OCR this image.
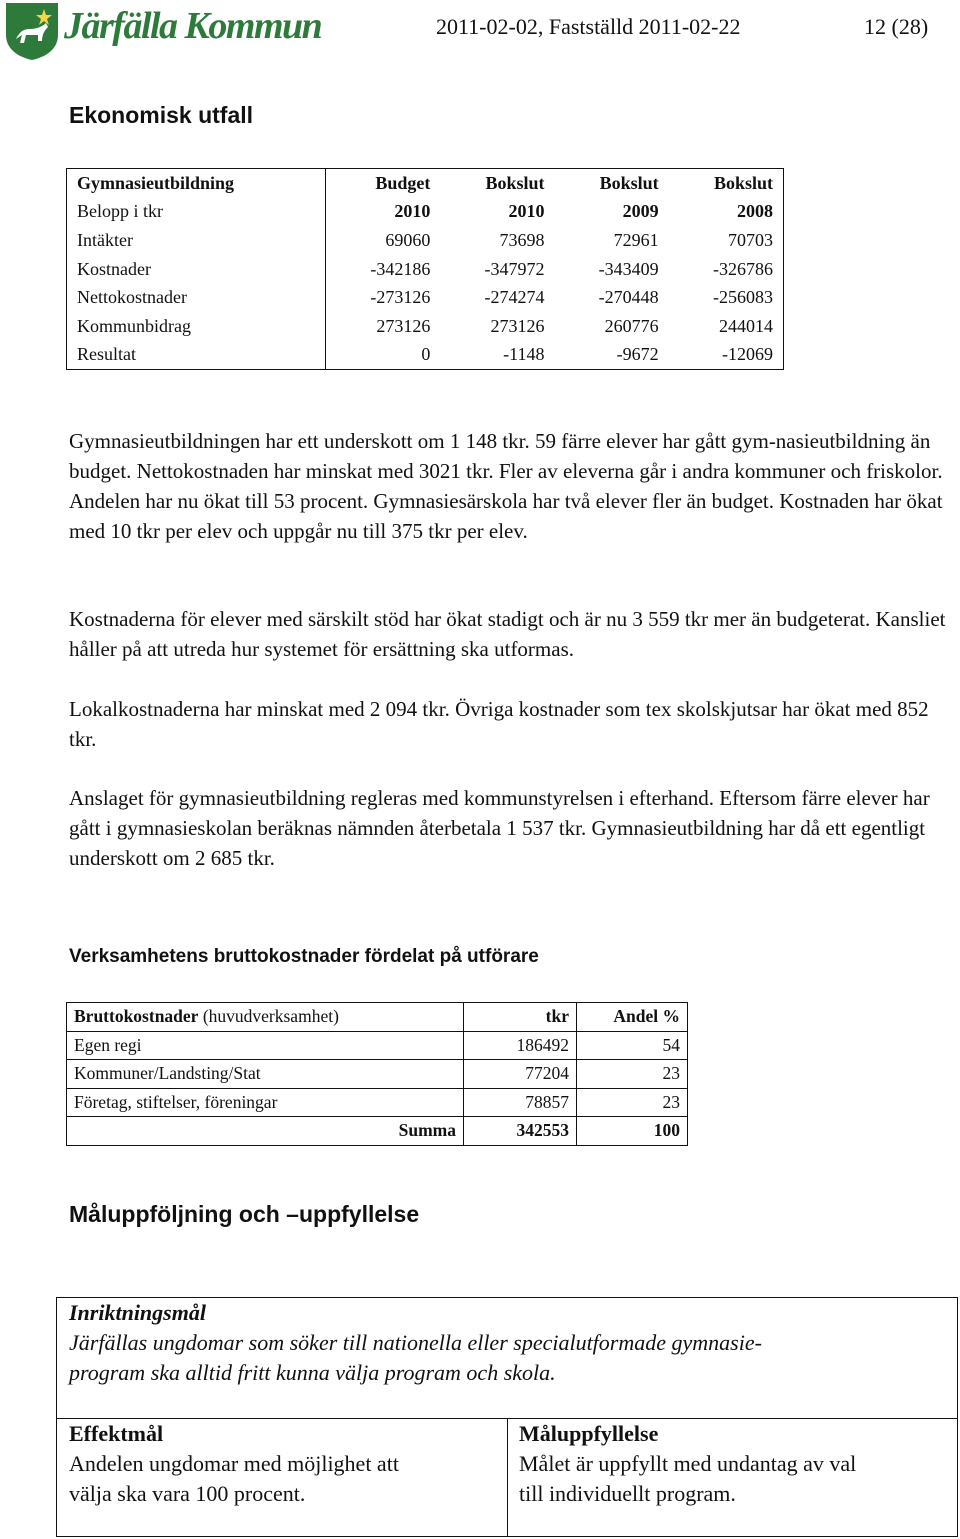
Järfälla Kommun	2011-02-02, Fastställd 2011-02-22	12 (28)
Ekonomisk utfall
Gymnasieutbildning	Budget	Bokslut	Bokslut	Bokslut
Belopp i tkr	2010	2010	2009	2008
Intäkter	69060	73698	72961	70703
Kostnader	-342186	-347972	-343409	-326786
Nettokostnader	-273126	-274274	-270448	-256083
Kommunbidrag	273126	273126	260776	244014
Resultat	0	-1148	-9672	-12069
Gymnasieutbildningen har ett underskott om 1 148 tkr. 59 färre elever har gått gym-nasieutbildning än budget. Nettokostnaden har minskat med 3021 tkr. Fler av eleverna går i andra kommuner och friskolor. Andelen har nu ökat till 53 procent. Gymnasiesärskola har två elever fler än budget. Kostnaden har ökat med 10 tkr per elev och uppgår nu till 375 tkr per elev.
Kostnaderna för elever med särskilt stöd har ökat stadigt och är nu 3 559 tkr mer än budgeterat. Kansliet håller på att utreda hur systemet för ersättning ska utformas.
Lokalkostnaderna har minskat med 2 094 tkr. Övriga kostnader som tex skolskjutsar har ökat med 852 tkr.
Anslaget för gymnasieutbildning regleras med kommunstyrelsen i efterhand. Eftersom färre elever har gått i gymnasieskolan beräknas nämnden återbetala 1 537 tkr. Gymnasieutbildning har då ett egentligt underskott om 2 685 tkr.
Verksamhetens bruttokostnader fördelat på utförare
Bruttokostnader (huvudverksamhet)	tkr	Andel %
Egen regi	186492	54
Kommuner/Landsting/Stat	77204	23
Företag, stiftelser, föreningar	78857	23
Summa	342553	100
Måluppföljning och –uppfyllelse
Inriktningsmål
Järfällas ungdomar som söker till nationella eller specialutformade gymnasie-
program ska alltid fritt kunna välja program och skola.
Effektmål
Andelen ungdomar med möjlighet att
välja ska vara 100 procent.
Måluppfyllelse
Målet är uppfyllt med undantag av val
till individuellt program.
